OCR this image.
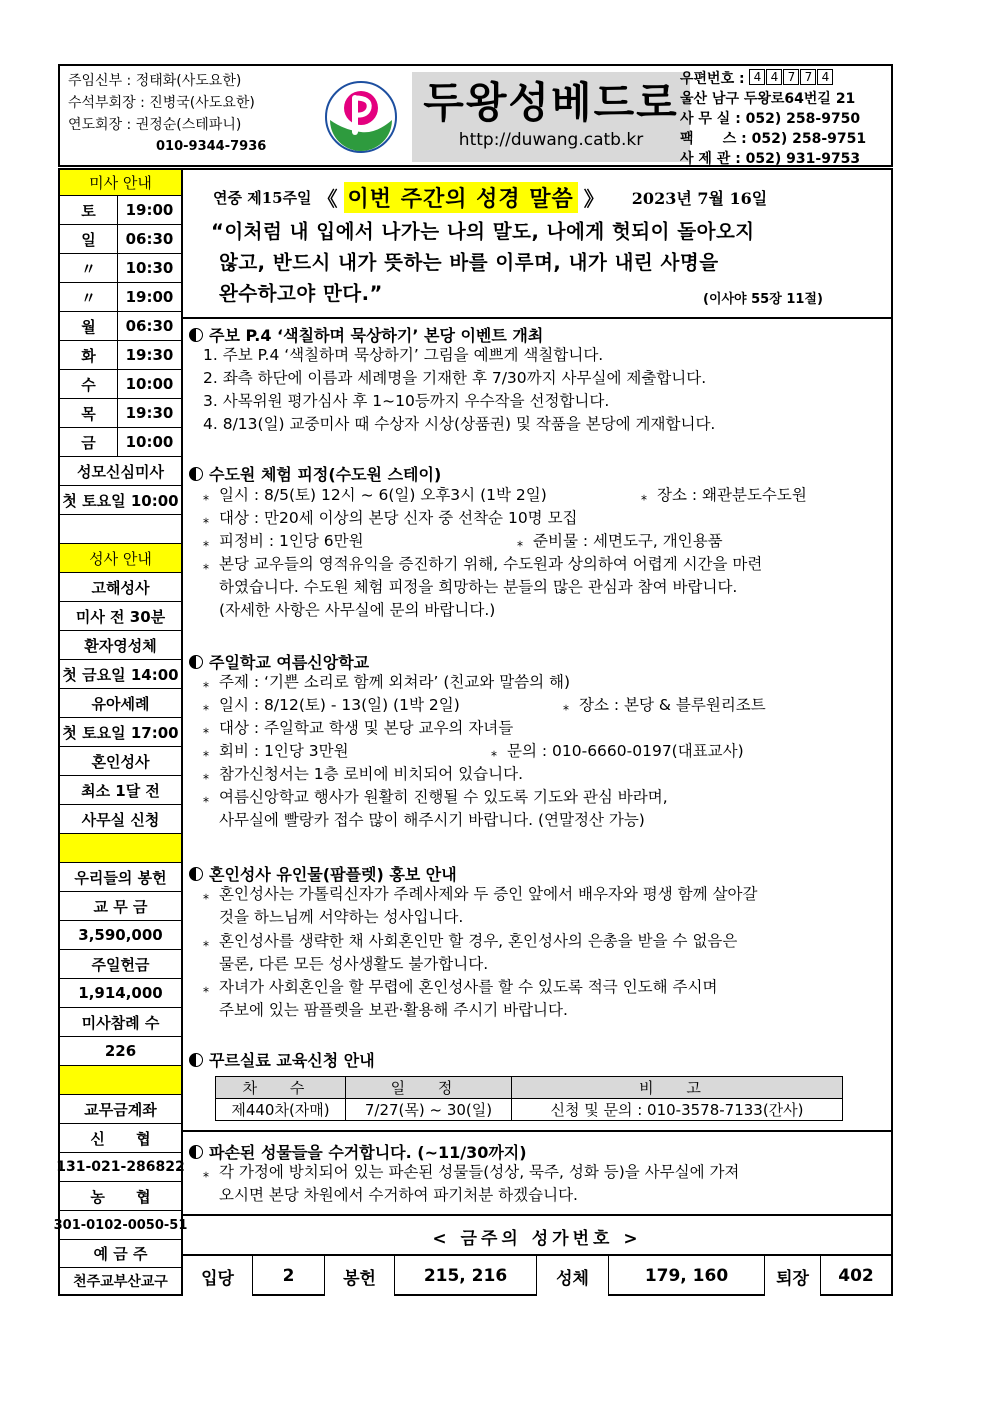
주임신부 : 정태화(사도요한)
수석부회장 : 진병국(사도요한)
연도회장 : 권정순(스테파니)
010-9344-7936
두왕성베드로
http://duwang.catb.kr
우편번호 :
4 4 7 7 4
울산 남구 두왕로64번길 21
사 무 실 : 052) 258-9750
팩      스 : 052) 258-9751
사 제 관 : 052) 931-9753
미사 안내
토	19:00
일	06:30
〃	10:30
〃	19:00
월	06:30
화	19:30
수	10:00
목	19:30
금	10:00
성모신심미사
첫 토요일 10:00
성사 안내
고해성사
미사 전 30분
환자영성체
첫 금요일 14:00
유아세례
첫 토요일 17:00
혼인성사
최소 1달 전
사무실 신청
우리들의 봉헌
교 무 금
3,590,000
주일헌금
1,914,000
미사참례 수
226
교무금계좌
신      협
131-021-286822
농      협
301-0102-0050-51
예 금 주
천주교부산교구
연중 제15주일 《 이번 주간의 성경 말씀 》 2023년 7월 16일
“이처럼 내 입에서 나가는 나의 말도, 나에게 헛되이 돌아오지
않고, 반드시 내가 뜻하는 바를 이루며, 내가 내린 사명을
완수하고야 만다.”	(이사야 55장 11절)
주보 P.4 ‘색칠하며 묵상하기’ 본당 이벤트 개최
1. 주보 P.4 ‘색칠하며 묵상하기’ 그림을 예쁘게 색칠합니다.
2. 좌측 하단에 이름과 세례명을 기재한 후 7/30까지 사무실에 제출합니다.
3. 사목위원 평가심사 후 1~10등까지 우수작을 선정합니다.
4. 8/13(일) 교중미사 때 수상자 시상(상품권) 및 작품을 본당에 게재합니다.
수도원 체험 피정(수도원 스테이)
⁎ 일시 : 8/5(토) 12시 ~ 6(일) 오후3시 (1박 2일)	⁎ 장소 : 왜관분도수도원
⁎ 대상 : 만20세 이상의 본당 신자 중 선착순 10명 모집
⁎ 피정비 : 1인당 6만원	⁎ 준비물 : 세면도구, 개인용품
⁎ 본당 교우들의 영적유익을 증진하기 위해, 수도원과 상의하여 어렵게 시간을 마련
하였습니다. 수도원 체험 피정을 희망하는 분들의 많은 관심과 참여 바랍니다.
(자세한 사항은 사무실에 문의 바랍니다.)
주일학교 여름신앙학교
⁎ 주제 : ‘기쁜 소리로 함께 외쳐라’ (친교와 말씀의 해)
⁎ 일시 : 8/12(토) - 13(일) (1박 2일)	⁎ 장소 : 본당 & 블루원리조트
⁎ 대상 : 주일학교 학생 및 본당 교우의 자녀들
⁎ 회비 : 1인당 3만원	⁎ 문의 : 010-6660-0197(대표교사)
⁎ 참가신청서는 1층 로비에 비치되어 있습니다.
⁎ 여름신앙학교 행사가 원활히 진행될 수 있도록 기도와 관심 바라며,
사무실에 빨랑카 접수 많이 해주시기 바랍니다. (연말정산 가능)
혼인성사 유인물(팜플렛) 홍보 안내
⁎ 혼인성사는 가톨릭신자가 주례사제와 두 증인 앞에서 배우자와 평생 함께 살아갈
것을 하느님께 서약하는 성사입니다.
⁎ 혼인성사를 생략한 채 사회혼인만 할 경우, 혼인성사의 은총을 받을 수 없음은
물론, 다른 모든 성사생활도 불가합니다.
⁎ 자녀가 사회혼인을 할 무렵에 혼인성사를 할 수 있도록 적극 인도해 주시며
주보에 있는 팜플렛을 보관·활용해 주시기 바랍니다.
꾸르실료 교육신청 안내
차 수	일 정	비 고
제440차(자매)	7/27(목) ~ 30(일)	신청 및 문의 : 010-3578-7133(간사)
파손된 성물들을 수거합니다. (~11/30까지)
⁎ 각 가정에 방치되어 있는 파손된 성물들(성상, 묵주, 성화 등)을 사무실에 가져
오시면 본당 차원에서 수거하여 파기처분 하겠습니다.
< 금주의 성가번호 >
입당	2	봉헌	215, 216	성체	179, 160	퇴장	402
